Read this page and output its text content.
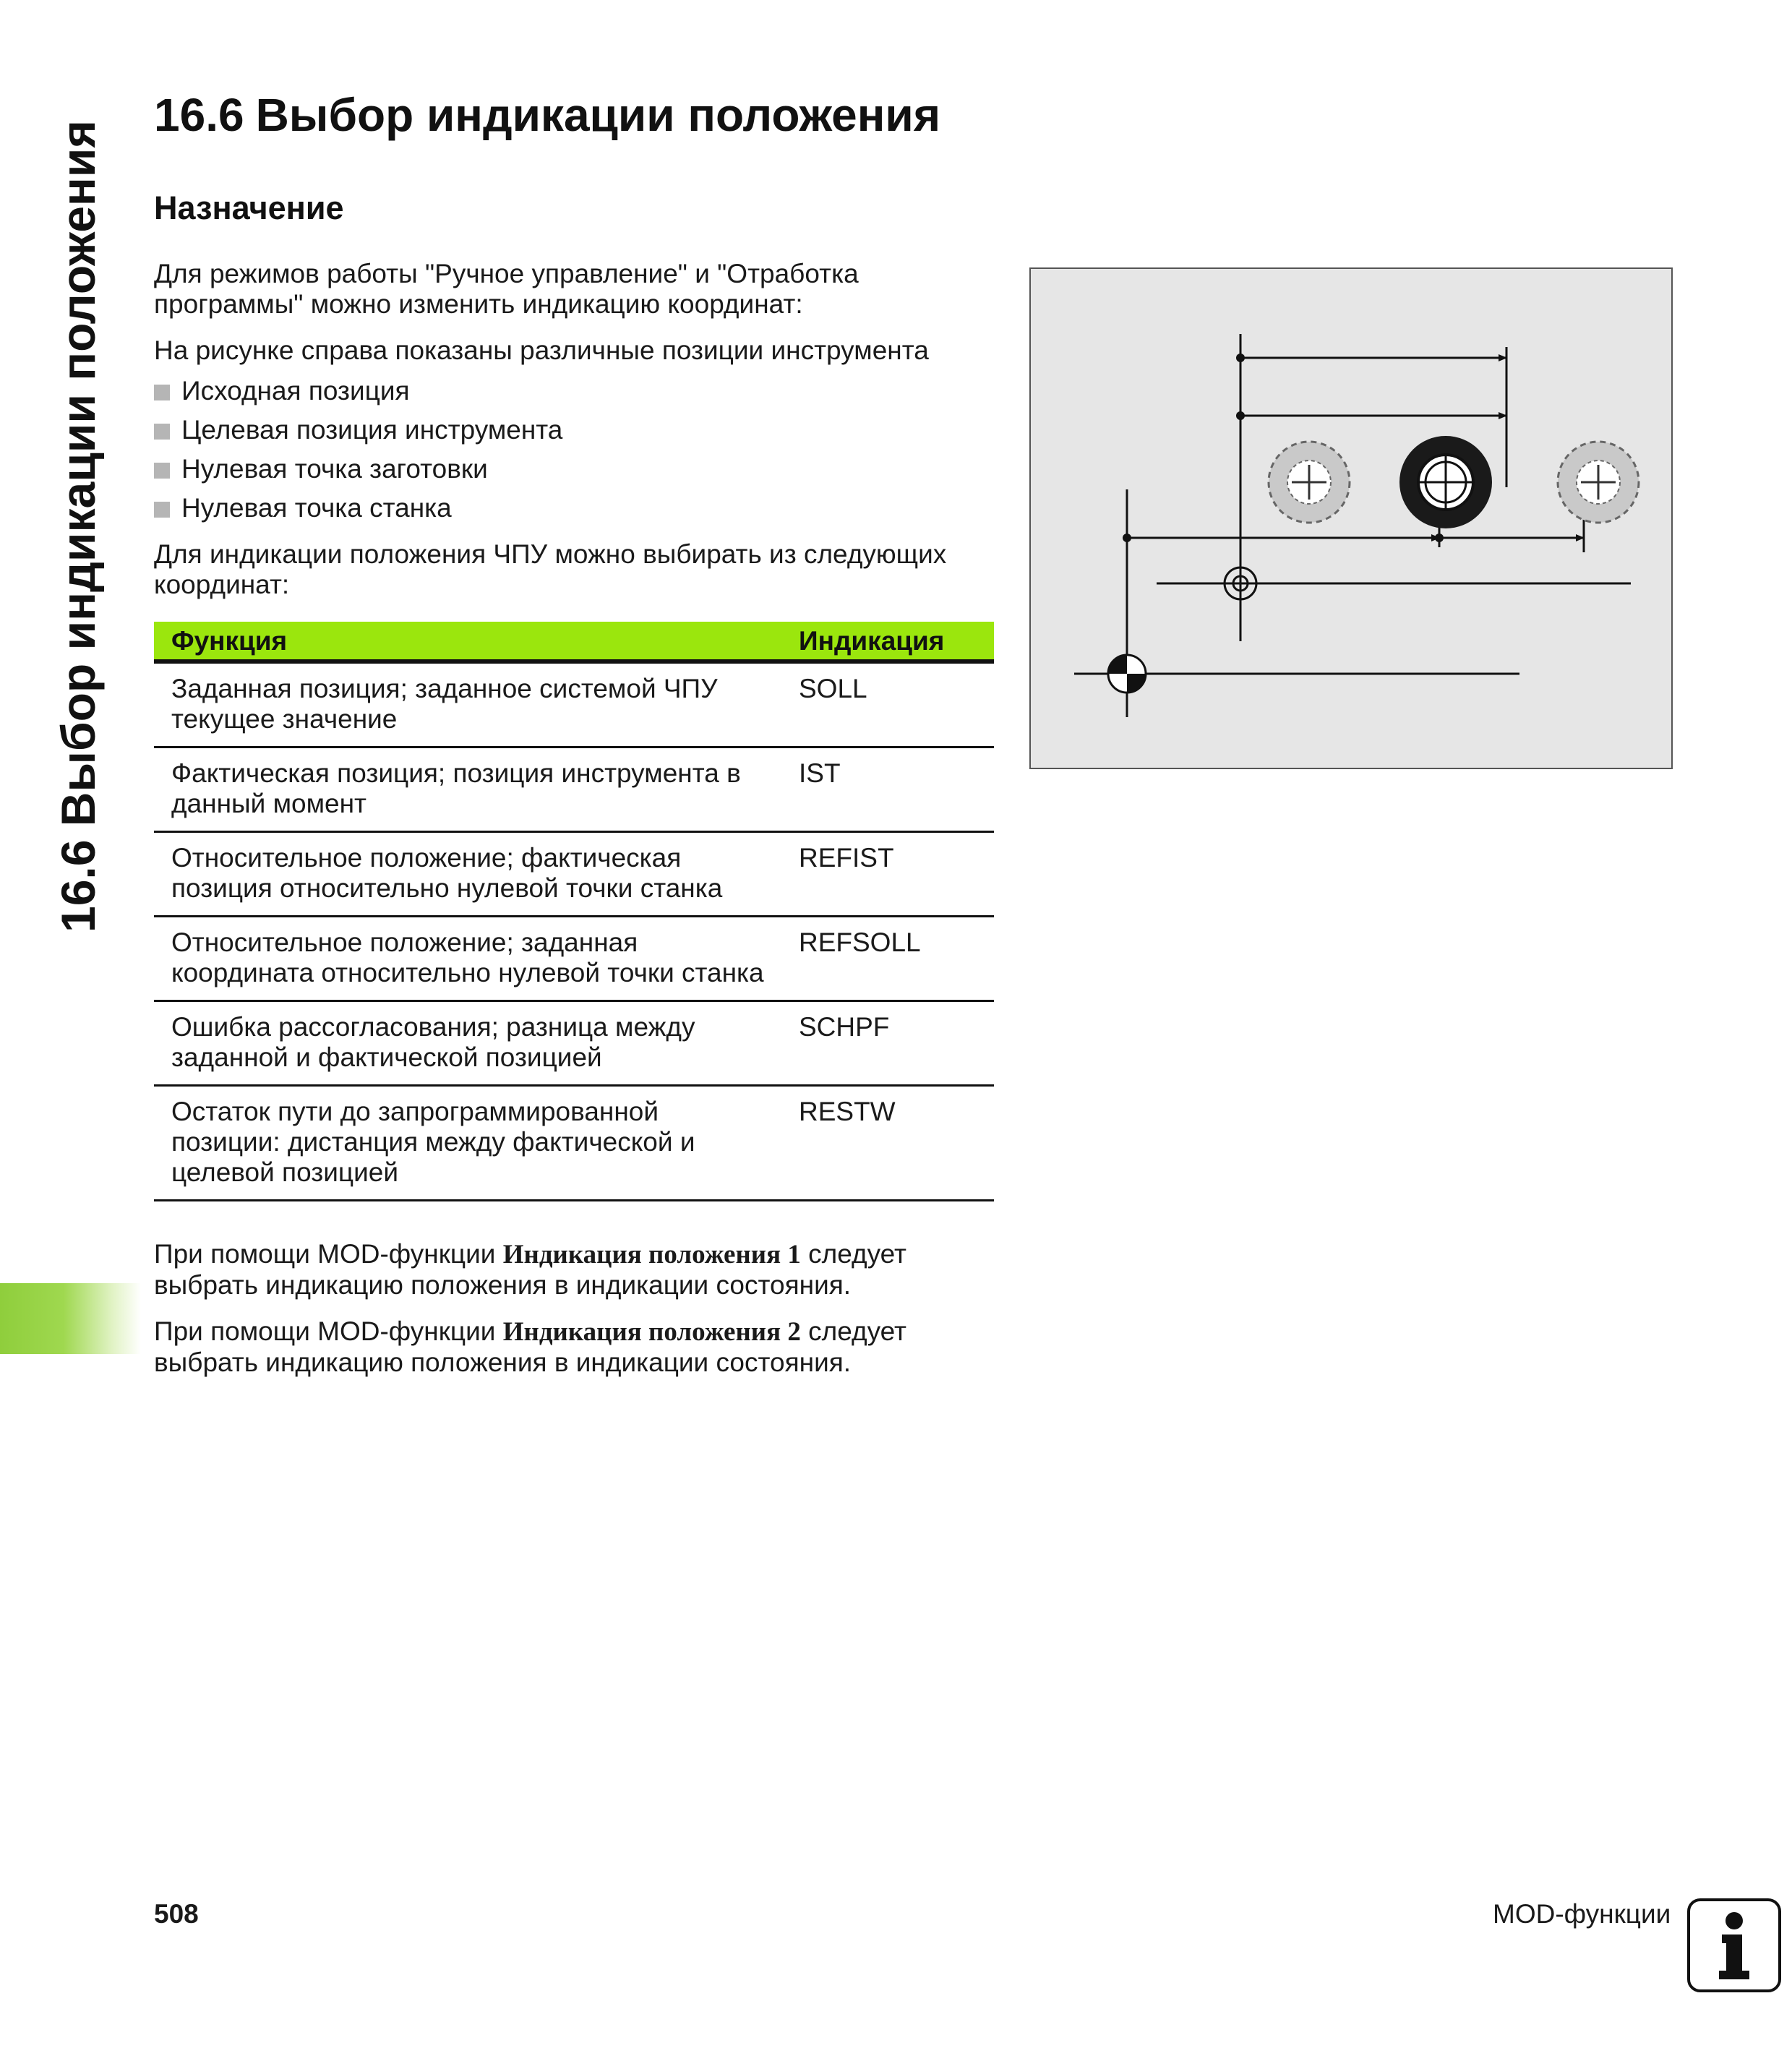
16.6 Выбор индикации положения
16.6 Выбор индикации положения
Назначение

Для режимов работы "Ручное управление" и "Отработка программы" можно изменить индикацию координат:

На рисунке справа показаны различные позиции инструмента

Исходная позиция
Целевая позиция инструмента
Нулевая точка заготовки
Нулевая точка станка

Для индикации положения ЧПУ можно выбирать из следующих координат:

Функция	Индикация
Заданная позиция; заданное системой ЧПУ текущее значение	SOLL
Фактическая позиция; позиция инструмента в данный момент	IST
Относительное положение; фактическая позиция относительно нулевой точки станка	REFIST
Относительное положение; заданная координата относительно нулевой точки станка	REFSOLL
Ошибка рассогласования; разница между заданной и фактической позицией	SCHPF
Остаток пути до запрограммированной позиции: дистанция между фактической и целевой позицией	RESTW

При помощи MOD-функции Индикация положения 1 следует выбрать индикацию положения в индикации состояния.

При помощи MOD-функции Индикация положения 2 следует выбрать индикацию положения в индикации состояния.

508	MOD-функции
